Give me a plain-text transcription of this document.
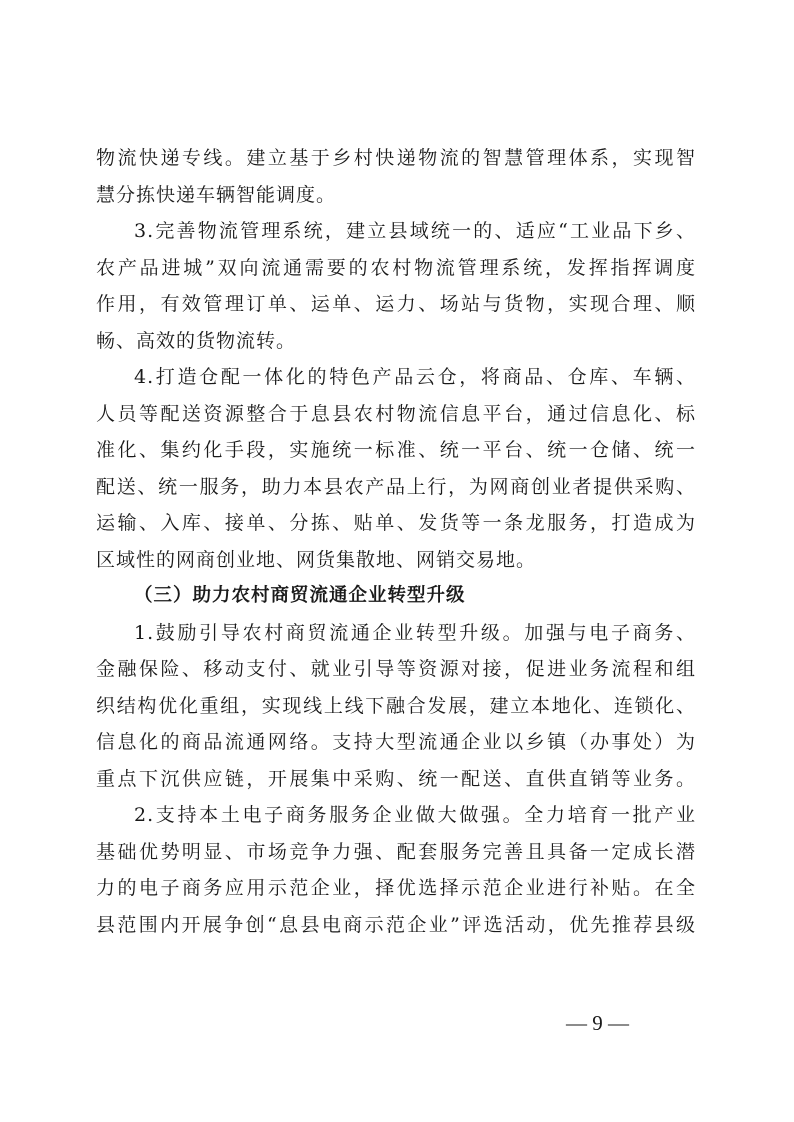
物流快递专线。建立基于乡村快递物流的智慧管理体系，实现智
慧分拣快递车辆智能调度。
3.完善物流管理系统，建立县域统一的、适应“工业品下乡、
农产品进城”双向流通需要的农村物流管理系统，发挥指挥调度
作用，有效管理订单、运单、运力、场站与货物，实现合理、顺
畅、高效的货物流转。
4.打造仓配一体化的特色产品云仓，将商品、仓库、车辆、
人员等配送资源整合于息县农村物流信息平台，通过信息化、标
准化、集约化手段，实施统一标准、统一平台、统一仓储、统一
配送、统一服务，助力本县农产品上行，为网商创业者提供采购、
运输、入库、接单、分拣、贴单、发货等一条龙服务，打造成为
区域性的网商创业地、网货集散地、网销交易地。
（三）助力农村商贸流通企业转型升级
1.鼓励引导农村商贸流通企业转型升级。加强与电子商务、
金融保险、移动支付、就业引导等资源对接，促进业务流程和组
织结构优化重组，实现线上线下融合发展，建立本地化、连锁化、
信息化的商品流通网络。支持大型流通企业以乡镇（办事处）为
重点下沉供应链，开展集中采购、统一配送、直供直销等业务。
2.支持本土电子商务服务企业做大做强。全力培育一批产业
基础优势明显、市场竞争力强、配套服务完善且具备一定成长潜
力的电子商务应用示范企业，择优选择示范企业进行补贴。在全
县范围内开展争创“息县电商示范企业”评选活动，优先推荐县级
— 9 —
